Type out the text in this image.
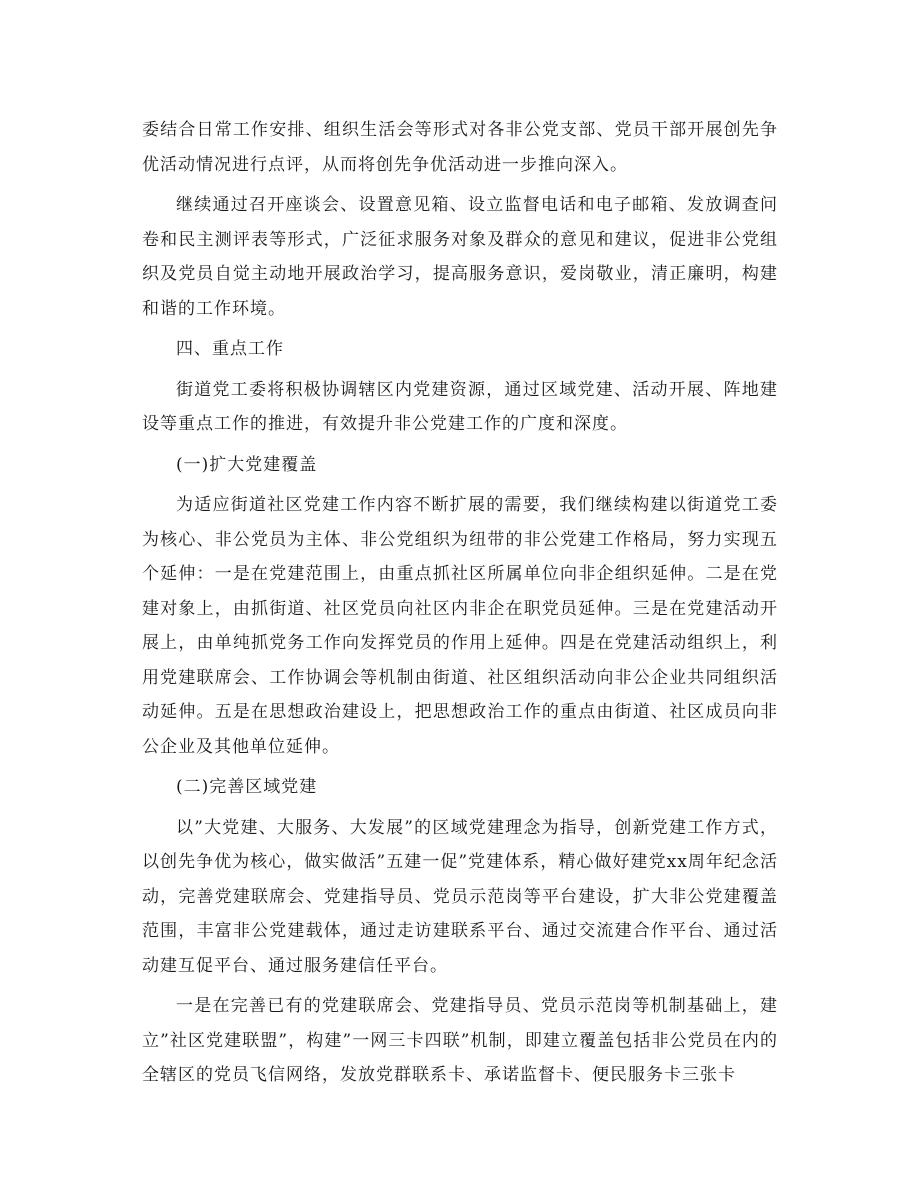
委结合日常工作安排、组织生活会等形式对各非公党支部、党员干部开展创先争优活动情况进行点评，从而将创先争优活动进一步推向深入。

继续通过召开座谈会、设置意见箱、设立监督电话和电子邮箱、发放调查问卷和民主测评表等形式，广泛征求服务对象及群众的意见和建议，促进非公党组织及党员自觉主动地开展政治学习，提高服务意识，爱岗敬业，清正廉明，构建和谐的工作环境。

四、重点工作

街道党工委将积极协调辖区内党建资源，通过区域党建、活动开展、阵地建设等重点工作的推进，有效提升非公党建工作的广度和深度。

(一)扩大党建覆盖

为适应街道社区党建工作内容不断扩展的需要，我们继续构建以街道党工委为核心、非公党员为主体、非公党组织为纽带的非公党建工作格局，努力实现五个延伸：一是在党建范围上，由重点抓社区所属单位向非企组织延伸。二是在党建对象上，由抓街道、社区党员向社区内非企在职党员延伸。三是在党建活动开展上，由单纯抓党务工作向发挥党员的作用上延伸。四是在党建活动组织上，利用党建联席会、工作协调会等机制由街道、社区组织活动向非公企业共同组织活动延伸。五是在思想政治建设上，把思想政治工作的重点由街道、社区成员向非公企业及其他单位延伸。

(二)完善区域党建

以”大党建、大服务、大发展”的区域党建理念为指导，创新党建工作方式，以创先争优为核心，做实做活”五建一促”党建体系，精心做好建党xx周年纪念活动，完善党建联席会、党建指导员、党员示范岗等平台建设，扩大非公党建覆盖范围，丰富非公党建载体，通过走访建联系平台、通过交流建合作平台、通过活动建互促平台、通过服务建信任平台。

一是在完善已有的党建联席会、党建指导员、党员示范岗等机制基础上，建立”社区党建联盟”，构建”一网三卡四联”机制，即建立覆盖包括非公党员在内的全辖区的党员飞信网络，发放党群联系卡、承诺监督卡、便民服务卡三张卡
